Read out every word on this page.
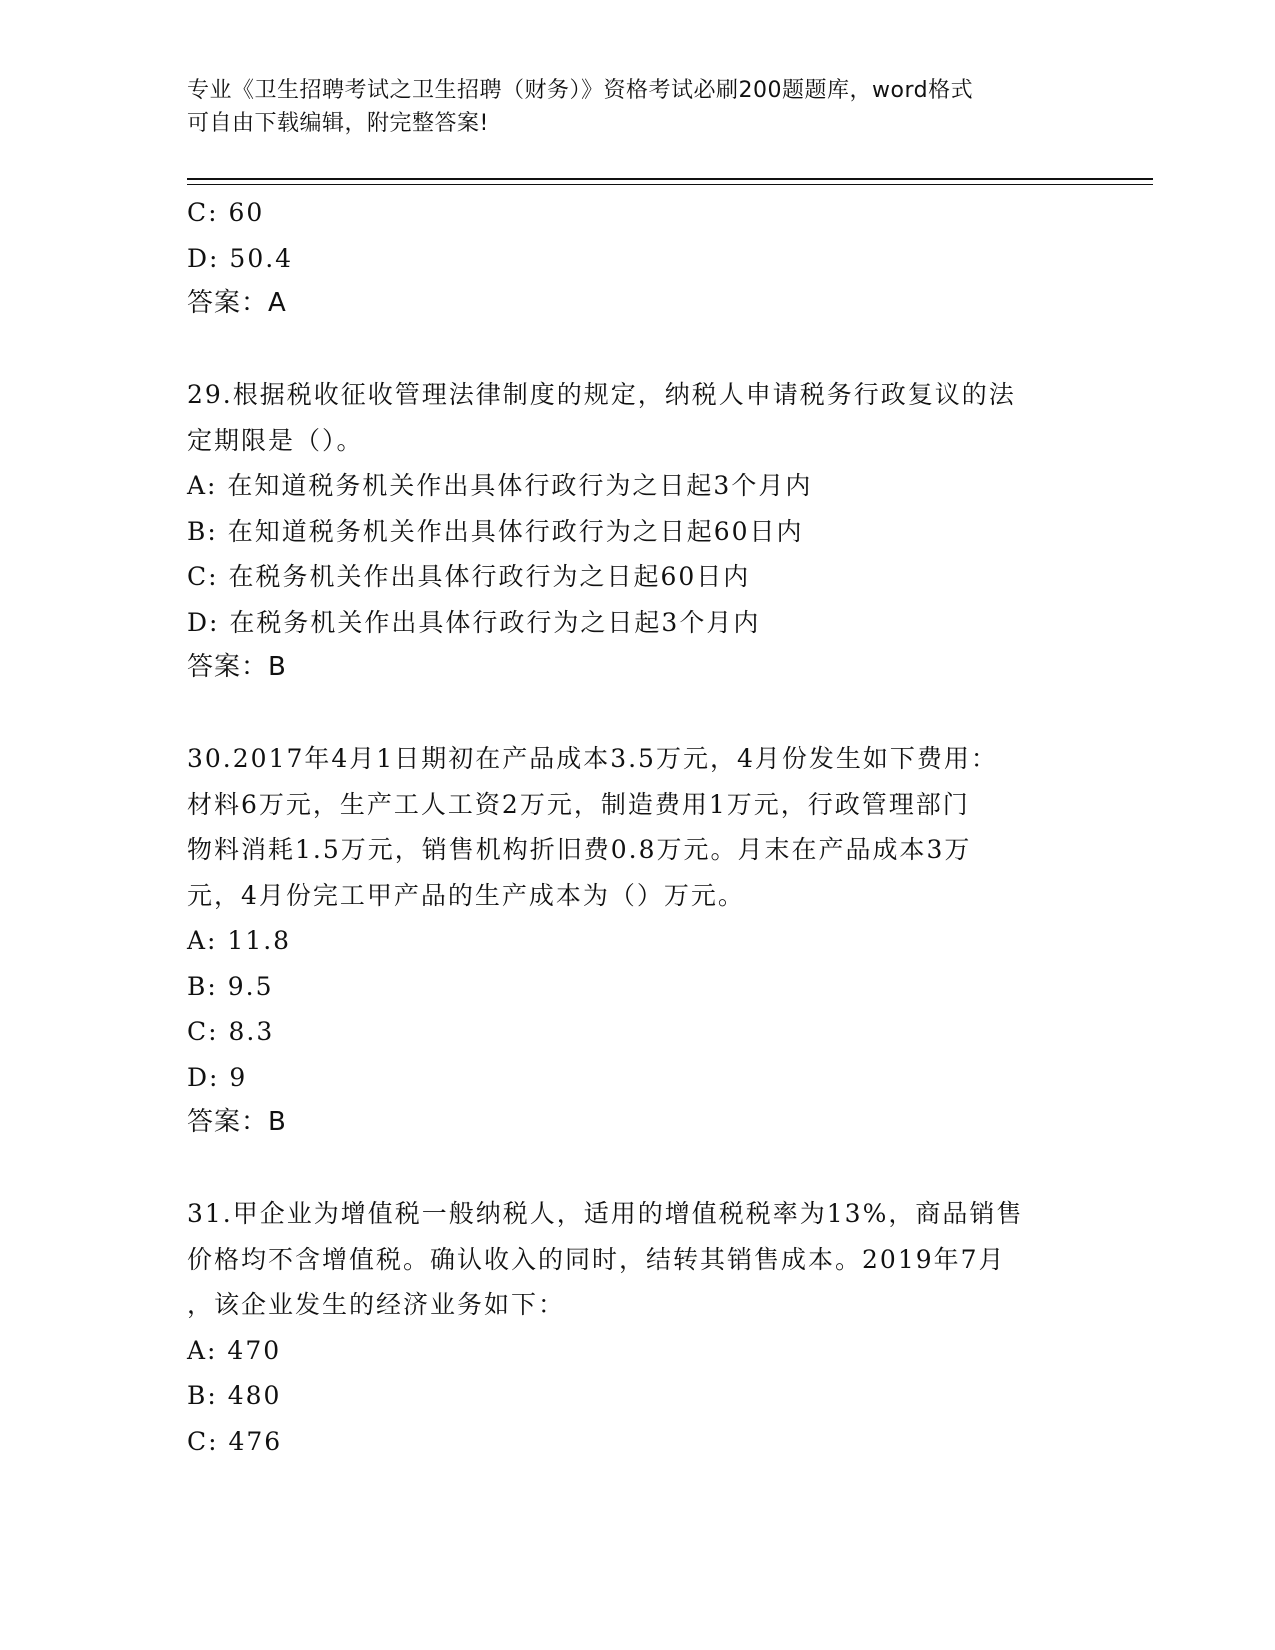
专业《卫生招聘考试之卫生招聘（财务）》资格考试必刷200题题库，word格式
可自由下载编辑，附完整答案!
C: 60
D: 50.4
答案：A
29.根据税收征收管理法律制度的规定，纳税人申请税务行政复议的法
定期限是（）。
A: 在知道税务机关作出具体行政行为之日起3个月内
B: 在知道税务机关作出具体行政行为之日起60日内
C: 在税务机关作出具体行政行为之日起60日内
D: 在税务机关作出具体行政行为之日起3个月内
答案：B
30.2017年4月1日期初在产品成本3.5万元，4月份发生如下费用：
材料6万元，生产工人工资2万元，制造费用1万元，行政管理部门
物料消耗1.5万元，销售机构折旧费0.8万元。月末在产品成本3万
元，4月份完工甲产品的生产成本为（）万元。
A: 11.8
B: 9.5
C: 8.3
D: 9
答案：B
31.甲企业为增值税一般纳税人，适用的增值税税率为13%，商品销售
价格均不含增值税。确认收入的同时，结转其销售成本。2019年7月
，该企业发生的经济业务如下：
A: 470
B: 480
C: 476
